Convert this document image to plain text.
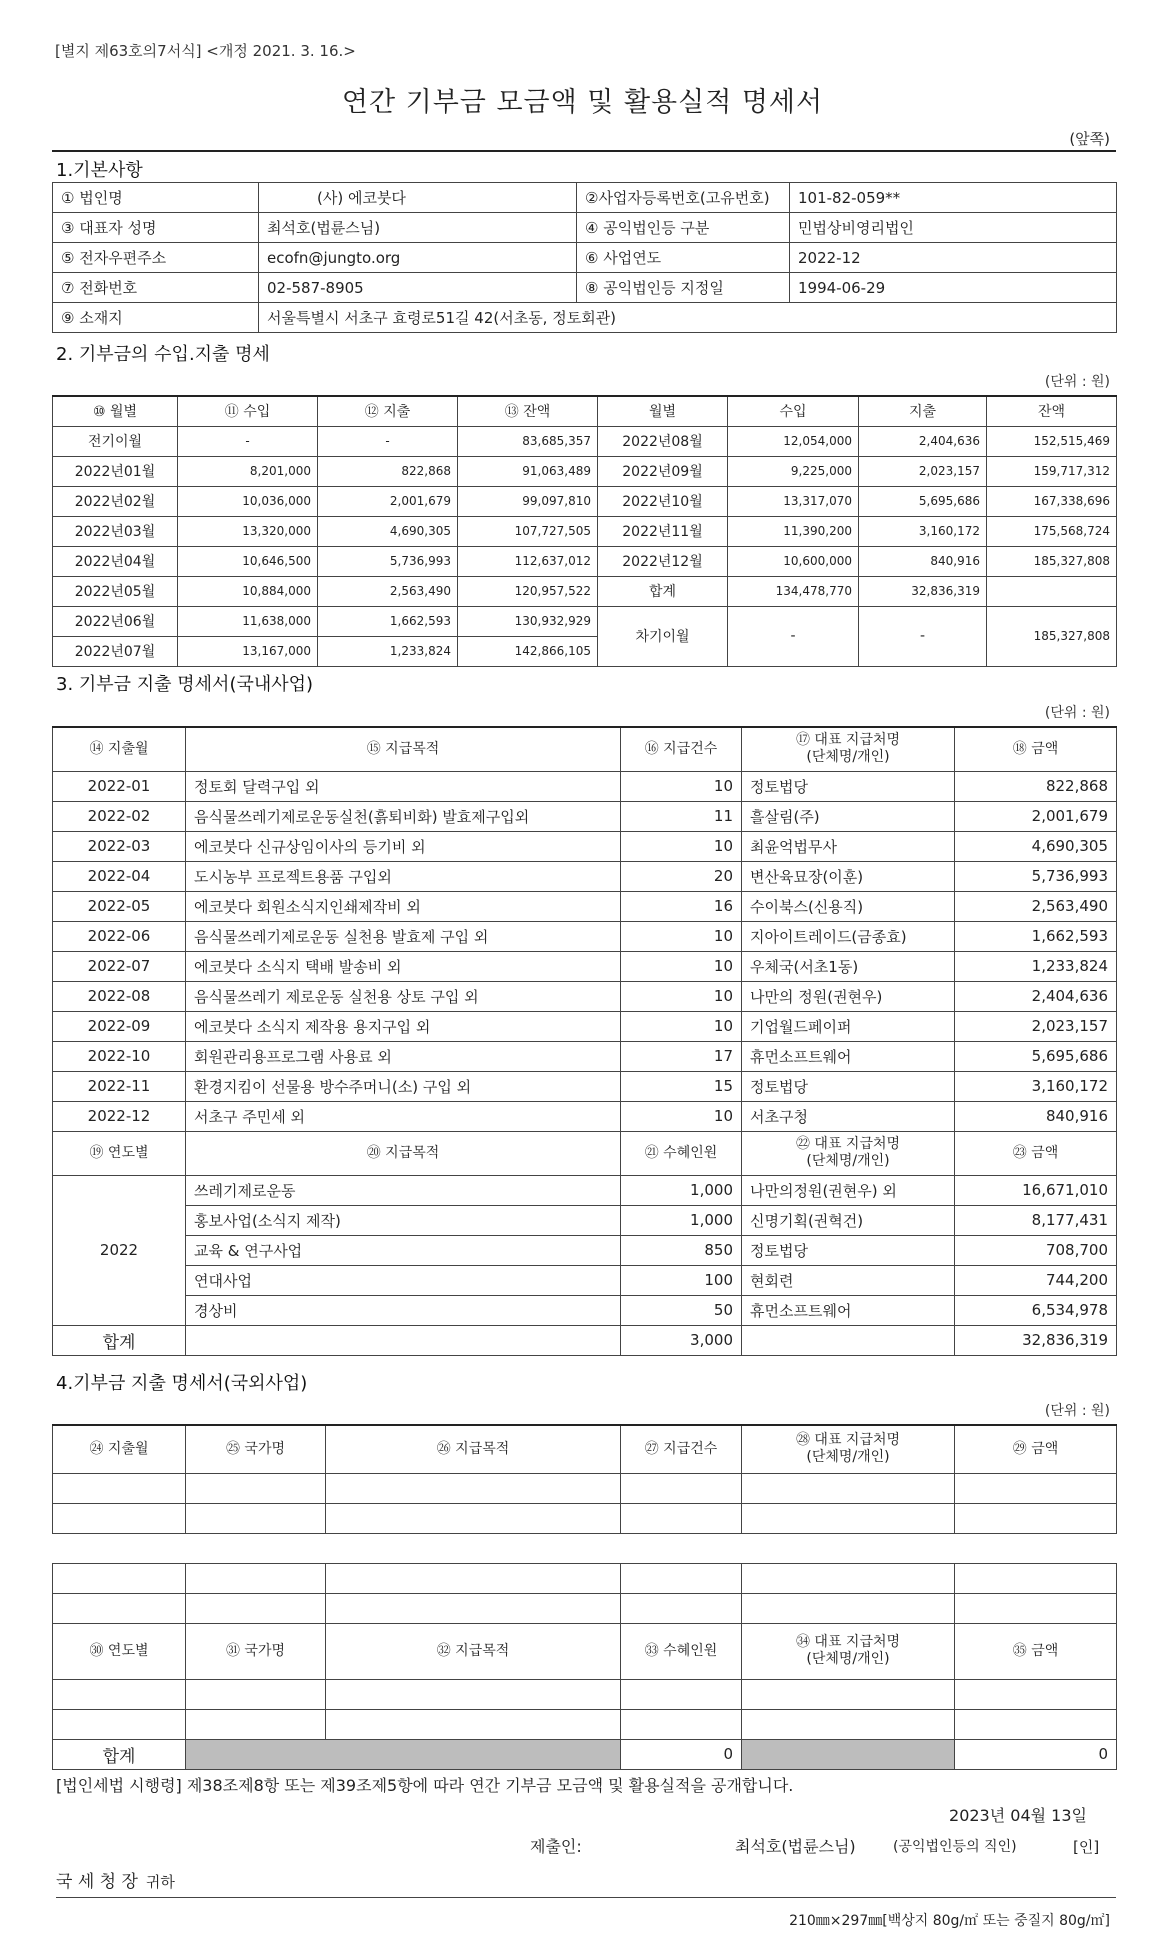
[별지 제63호의7서식] <개정 2021. 3. 16.>
연간 기부금 모금액 및 활용실적 명세서
(앞쪽)
1.기본사항
① 법인명	(사) 에코붓다	②사업자등록번호(고유번호)	101-82-059**
③ 대표자 성명	최석호(법륜스님)	④ 공익법인등 구분	민법상비영리법인
⑤ 전자우편주소	ecofn@jungto.org	⑥ 사업연도	2022-12
⑦ 전화번호	02-587-8905	⑧ 공익법인등 지정일	1994-06-29
⑨ 소재지	서울특별시 서초구 효령로51길 42(서초동, 정토회관)		
2. 기부금의 수입.지출 명세
(단위 : 원)
⑩ 월별	⑪ 수입	⑫ 지출	⑬ 잔액	월별	수입	지출	잔액
전기이월	-	-	83,685,357	2022년08월	12,054,000	2,404,636	152,515,469
2022년01월	8,201,000	822,868	91,063,489	2022년09월	9,225,000	2,023,157	159,717,312
2022년02월	10,036,000	2,001,679	99,097,810	2022년10월	13,317,070	5,695,686	167,338,696
2022년03월	13,320,000	4,690,305	107,727,505	2022년11월	11,390,200	3,160,172	175,568,724
2022년04월	10,646,500	5,736,993	112,637,012	2022년12월	10,600,000	840,916	185,327,808
2022년05월	10,884,000	2,563,490	120,957,522	합계	134,478,770	32,836,319	
2022년06월	11,638,000	1,662,593	130,932,929	차기이월	-	-	185,327,808
2022년07월	13,167,000	1,233,824	142,866,105				
3. 기부금 지출 명세서(국내사업)
(단위 : 원)
⑭ 지출월	⑮ 지급목적	⑯ 지급건수	⑰ 대표 지급처명
(단체명/개인)	⑱ 금액
2022-01	정토회 달력구입 외	10	정토법당	822,868
2022-02	음식물쓰레기제로운동실천(흙퇴비화) 발효제구입외	11	흘살림(주)	2,001,679
2022-03	에코붓다 신규상임이사의 등기비 외	10	최윤억법무사	4,690,305
2022-04	도시농부 프로젝트용품 구입외	20	변산육묘장(이훈)	5,736,993
2022-05	에코붓다 회원소식지인쇄제작비 외	16	수이북스(신용직)	2,563,490
2022-06	음식물쓰레기제로운동 실천용 발효제 구입 외	10	지아이트레이드(금종효)	1,662,593
2022-07	에코붓다 소식지 택배 발송비 외	10	우체국(서초1동)	1,233,824
2022-08	음식물쓰레기 제로운동 실천용 상토 구입 외	10	나만의 정원(권현우)	2,404,636
2022-09	에코붓다 소식지 제작용 용지구입 외	10	기업월드페이퍼	2,023,157
2022-10	회원관리용프로그램 사용료 외	17	휴먼소프트웨어	5,695,686
2022-11	환경지킴이 선물용 방수주머니(소) 구입 외	15	정토법당	3,160,172
2022-12	서초구 주민세 외	10	서초구청	840,916
⑲ 연도별	⑳ 지급목적	㉑ 수혜인원	㉒ 대표 지급처명
(단체명/개인)	㉓ 금액
2022	쓰레기제로운동	1,000	나만의정원(권현우) 외	16,671,010
	홍보사업(소식지 제작)	1,000	신명기획(권혁건)	8,177,431
	교육 & 연구사업	850	정토법당	708,700
	연대사업	100	현회련	744,200
	경상비	50	휴먼소프트웨어	6,534,978
합계		3,000		32,836,319
4.기부금 지출 명세서(국외사업)
(단위 : 원)
㉔ 지출월	㉕ 국가명	㉖ 지급목적	㉗ 지급건수	㉘ 대표 지급처명
(단체명/개인)	㉙ 금액

㉚ 연도별	㉛ 국가명	㉜ 지급목적	㉝ 수혜인원	㉞ 대표 지급처명
(단체명/개인)	㉟ 금액

합계			0		0
[법인세법 시행령] 제38조제8항 또는 제39조제5항에 따라 연간 기부금 모금액 및 활용실적을 공개합니다.
2023년 04월 13일
제출인:	최석호(법륜스님)	(공익법인등의 직인)	[인]
국 세 청 장 귀하
210㎜×297㎜[백상지 80g/㎡ 또는 중질지 80g/㎡]
